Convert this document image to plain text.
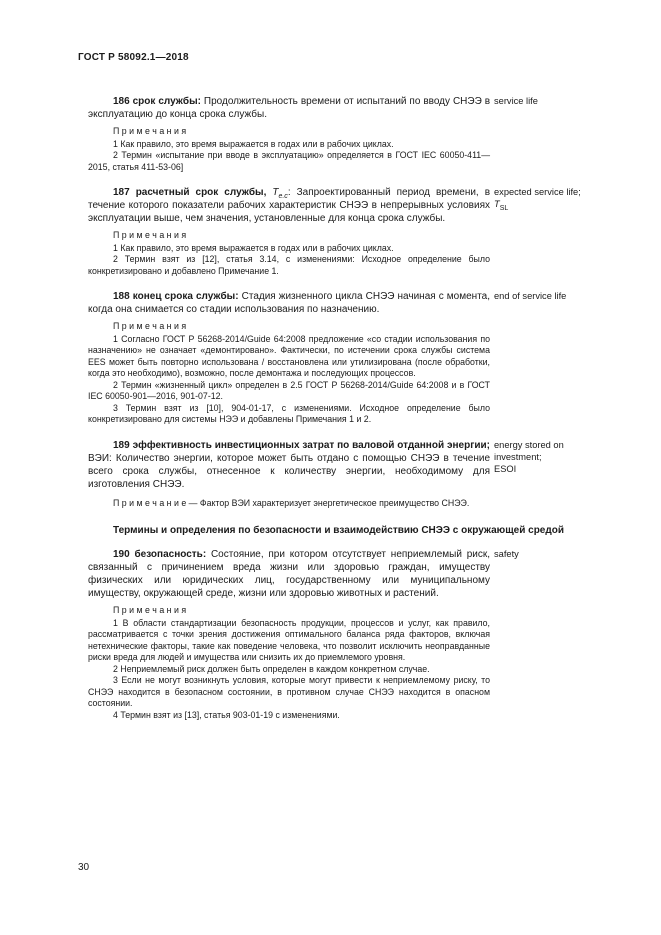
ГОСТ Р 58092.1—2018
service life

186 срок службы: Продолжительность времени от испытаний по вводу СНЭЭ в эксплуатацию до конца срока службы.

П р и м е ч а н и я

1 Как правило, это время выражается в годах или в рабочих циклах.

2 Термин «испытание при вводе в эксплуатацию» определяется в ГОСТ IEC 60050-411—2015, статья 411-53-06]

expected service life;
$T_{SL}$

187 расчетный срок службы, $T_{е.с}$: Запроектированный период времени, в течение которого показатели рабочих характеристик СНЭЭ в непрерывных условиях эксплуатации выше, чем значения, установленные для конца срока службы.

П р и м е ч а н и я

1 Как правило, это время выражается в годах или в рабочих циклах.

2 Термин взят из [12], статья 3.14, с изменениями: Исходное определение было конкретизировано и добавлено Примечание 1.

end of service life

188 конец срока службы: Стадия жизненного цикла СНЭЭ начиная с момента, когда она снимается со стадии использования по назначению.

П р и м е ч а н и я

1 Согласно ГОСТ Р 56268-2014/Guide 64:2008 предложение «со стадии использования по назначению» не означает «демонтировано». Фактически, по истечении срока службы система EES может быть повторно использована / восстановлена или утилизирована (после обработки, когда это необходимо), возможно, после демонтажа и последующих процессов.

2 Термин «жизненный цикл» определен в 2.5 ГОСТ Р 56268-2014/Guide 64:2008 и в ГОСТ IEC 60050-901—2016, 901-07-12.

3 Термин взят из [10], 904-01-17, с изменениями. Исходное определение было конкретизировано для системы НЭЭ и добавлены Примечания 1 и 2.

energy stored on investment;
ESOI

189 эффективность инвестиционных затрат по валовой отданной энергии; ВЭИ: Количество энергии, которое может быть отдано с помощью СНЭЭ в течение всего срока службы, отнесенное к количеству энергии, необходимому для изготовления СНЭЭ.

П р и м е ч а н и е — Фактор ВЭИ характеризует энергетическое преимущество СНЭЭ.

Термины и определения по безопасности и взаимодействию СНЭЭ с окружающей средой
safety

190 безопасность: Состояние, при котором отсутствует неприемлемый риск, связанный с причинением вреда жизни или здоровью граждан, имуществу физических или юридических лиц, государственному или муниципальному имуществу, окружающей среде, жизни или здоровью животных и растений.

П р и м е ч а н и я

1 В области стандартизации безопасность продукции, процессов и услуг, как правило, рассматривается с точки зрения достижения оптимального баланса ряда факторов, включая нетехнические факторы, такие как поведение человека, что позволит исключить неоправданные риски вреда для людей и имущества или снизить их до приемлемого уровня.

2 Неприемлемый риск должен быть определен в каждом конкретном случае.

3 Если не могут возникнуть условия, которые могут привести к неприемлемому риску, то СНЭЭ находится в безопасном состоянии, в противном случае СНЭЭ находится в опасном состоянии.

4 Термин взят из [13], статья 903-01-19 с изменениями.

30
